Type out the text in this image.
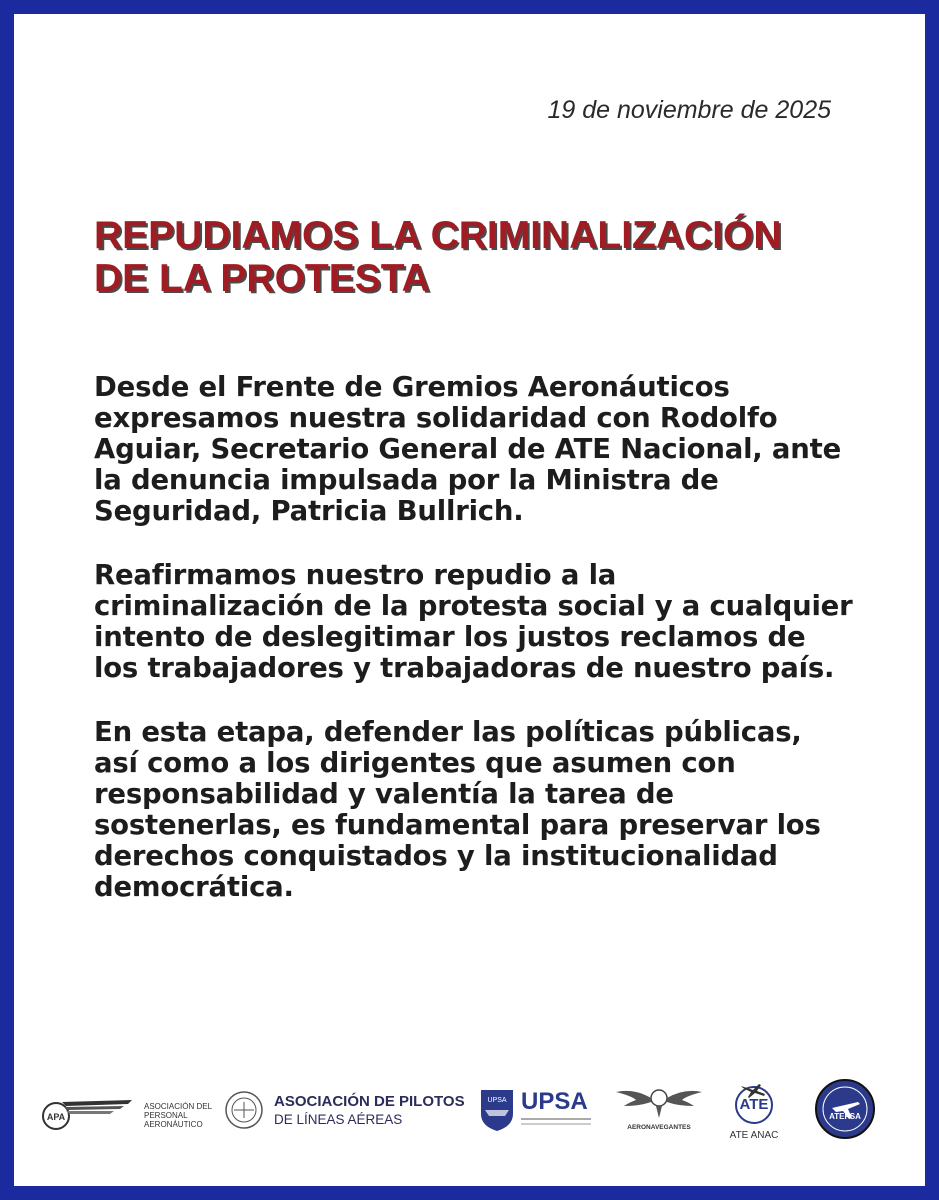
19 de noviembre de 2025
REPUDIAMOS LA CRIMINALIZACIÓN
DE LA PROTESTA

Desde el Frente de Gremios Aeronáuticos expresamos nuestra solidaridad con Rodolfo Aguiar, Secretario General de ATE Nacional, ante la denuncia impulsada por la Ministra de Seguridad, Patricia Bullrich.

Reafirmamos nuestro repudio a la criminalización de la protesta social y a cualquier intento de deslegitimar los justos reclamos de los trabajadores y trabajadoras de nuestro país.

En esta etapa, defender las políticas públicas, así como a los dirigentes que asumen con responsabilidad y valentía la tarea de sostenerlas, es fundamental para preservar los derechos conquistados y la institucionalidad democrática.

APA
ASOCIACIÓN DEL
PERSONAL
AERONÁUTICO
ASOCIACIÓN DE PILOTOS
DE LÍNEAS AÉREAS
UPSA UPSA
AERONAVEGANTES
ATE
ATE ANAC
ATEPSA
